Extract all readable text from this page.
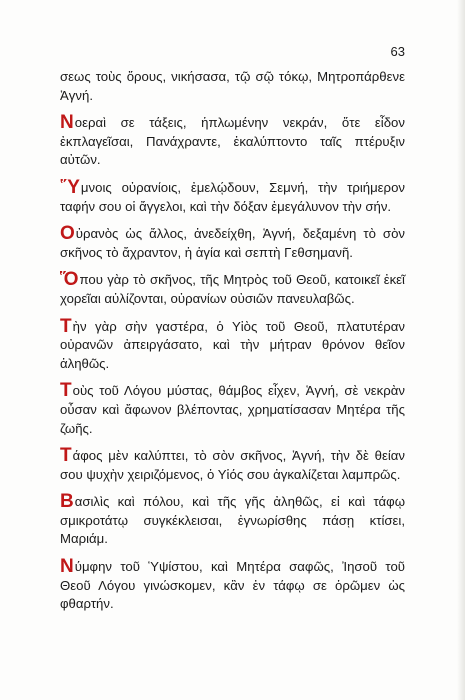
63

σεως τοὺς ὅρους, νικήσασα, τῷ σῷ τόκῳ, Μητροπάρθενε Ἁγνή.

Νοεραὶ σε τάξεις, ἡπλωμένην νεκράν, ὅτε εἶδον ἐκπλαγεῖσαι, Πανάχραντε, ἐκαλύπτοντο ταῖς πτέρυξιν αὐτῶν.

Ὕμνοις οὐρανίοις, ἐμελῴδουν, Σεμνή, τὴν τριήμερον ταφήν σου οἱ ἄγγελοι, καὶ τὴν δόξαν ἐμεγάλυνον τὴν σήν.

Οὐρανὸς ὡς ἄλλος, ἀνεδείχθη, Ἁγνή, δεξαμένη τὸ σὸν σκῆνος τὸ ἄχραντον, ἡ ἁγία καὶ σεπτὴ Γεθσημανῆ.

Ὅπου γὰρ τὸ σκῆνος, τῆς Μητρὸς τοῦ Θεοῦ, κατοικεῖ ἐκεῖ χορεῖαι αὐλίζονται, οὐρανίων οὐσιῶν πανευλαβῶς.

Τὴν γὰρ σὴν γαστέρα, ὁ Υἱὸς τοῦ Θεοῦ, πλατυτέραν οὐρανῶν ἀπειργάσατο, καὶ τὴν μήτραν θρόνον θεῖον ἀληθῶς.

Τοὺς τοῦ Λόγου μύστας, θάμβος εἶχεν, Ἁγνή, σὲ νεκρὰν οὖσαν καὶ ἄφωνον βλέποντας, χρηματίσασαν Μητέρα τῆς ζωῆς.

Τάφος μὲν καλύπτει, τὸ σὸν σκῆνος, Ἁγνή, τὴν δὲ θείαν σου ψυχὴν χειριζόμενος, ὁ Υἱός σου ἀγκαλίζεται λαμπρῶς.

Βασιλὶς καὶ πόλου, καὶ τῆς γῆς ἀληθῶς, εἰ καὶ τάφῳ σμικροτάτῳ συγκέκλεισαι, ἐγνωρίσθης πάσῃ κτίσει, Μαριάμ.

Νύμφην τοῦ Ὑψίστου, καὶ Μητέρα σαφῶς, Ἰησοῦ τοῦ Θεοῦ Λόγου γινώσκομεν, κἂν ἐν τάφῳ σε ὁρῶμεν ὡς φθαρτήν.
